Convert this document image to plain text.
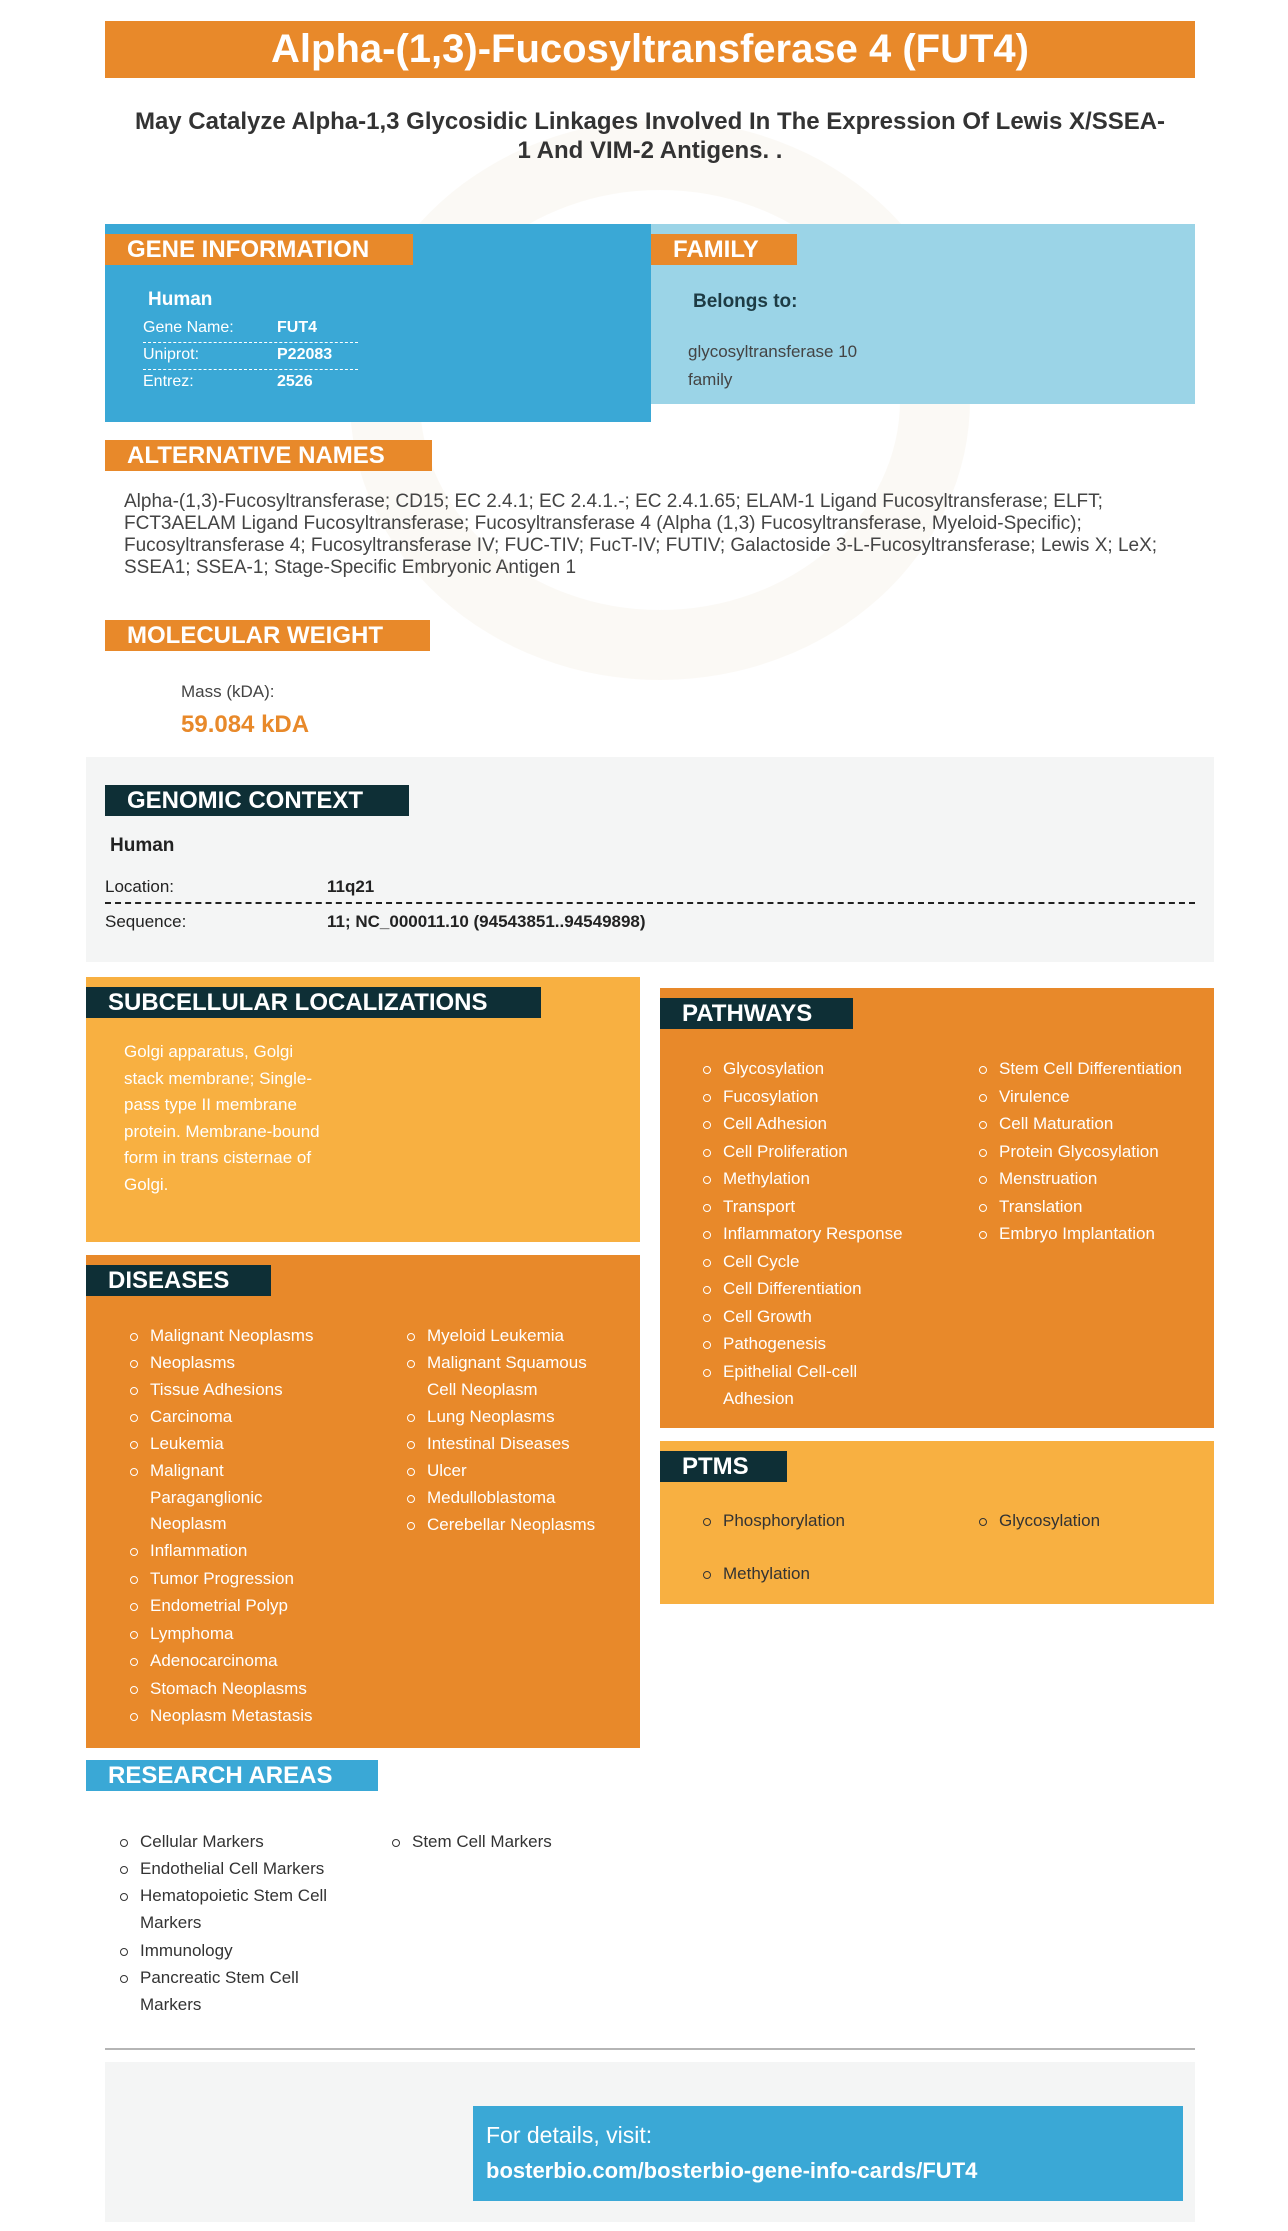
Alpha-(1,3)-Fucosyltransferase 4 (FUT4)
May Catalyze Alpha-1,3 Glycosidic Linkages Involved In The Expression Of Lewis X/SSEA-1 And VIM-2 Antigens. .
GENE INFORMATION
Human
Gene Name:	FUT4
Uniprot:	P22083
Entrez:	2526
FAMILY
Belongs to:
glycosyltransferase 10 family
ALTERNATIVE NAMES
Alpha-(1,3)-Fucosyltransferase; CD15; EC 2.4.1; EC 2.4.1.-; EC 2.4.1.65; ELAM-1 Ligand Fucosyltransferase; ELFT; FCT3AELAM Ligand Fucosyltransferase; Fucosyltransferase 4 (Alpha (1,3) Fucosyltransferase, Myeloid-Specific); Fucosyltransferase 4; Fucosyltransferase IV; FUC-TIV; FucT-IV; FUTIV; Galactoside 3-L-Fucosyltransferase; Lewis X; LeX; SSEA1; SSEA-1; Stage-Specific Embryonic Antigen 1
MOLECULAR WEIGHT
Mass (kDA):
59.084 kDA
GENOMIC CONTEXT
Human
Location:	11q21
Sequence:	11; NC_000011.10 (94543851..94549898)
SUBCELLULAR LOCALIZATIONS
Golgi apparatus, Golgi stack membrane; Single-pass type II membrane protein. Membrane-bound form in trans cisternae of Golgi.
DISEASES
Malignant Neoplasms
Neoplasms
Tissue Adhesions
Carcinoma
Leukemia
Malignant Paraganglionic Neoplasm
Inflammation
Tumor Progression
Endometrial Polyp
Lymphoma
Adenocarcinoma
Stomach Neoplasms
Neoplasm Metastasis
Myeloid Leukemia
Malignant Squamous Cell Neoplasm
Lung Neoplasms
Intestinal Diseases
Ulcer
Medulloblastoma
Cerebellar Neoplasms
PATHWAYS
Glycosylation
Fucosylation
Cell Adhesion
Cell Proliferation
Methylation
Transport
Inflammatory Response
Cell Cycle
Cell Differentiation
Cell Growth
Pathogenesis
Epithelial Cell-cell Adhesion
Stem Cell Differentiation
Virulence
Cell Maturation
Protein Glycosylation
Menstruation
Translation
Embryo Implantation
PTMS
Phosphorylation	Glycosylation
Methylation
RESEARCH AREAS
Cellular Markers
Endothelial Cell Markers
Hematopoietic Stem Cell Markers
Immunology
Pancreatic Stem Cell Markers
Stem Cell Markers
For details, visit:
bosterbio.com/bosterbio-gene-info-cards/FUT4
